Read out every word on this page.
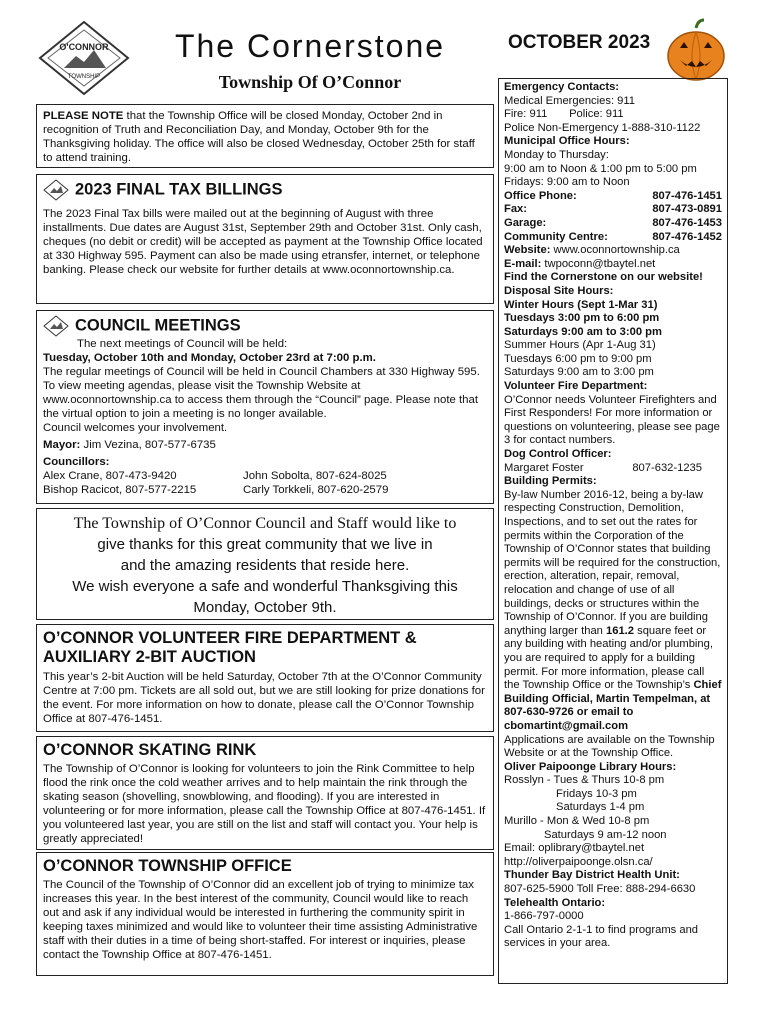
O'CONNOR
TOWNSHIP
The Cornerstone
Township Of O’Connor
OCTOBER 2023

PLEASE NOTE that the Township Office will be closed Monday, October 2nd in recognition of Truth and Reconciliation Day, and Monday, October 9th for the Thanksgiving holiday. The office will also be closed Wednesday, October 25th for staff to attend training.

2023 FINAL TAX BILLINGS

The 2023 Final Tax bills were mailed out at the beginning of August with three installments. Due dates are August 31st, September 29th and October 31st. Only cash, cheques (no debit or credit) will be accepted as payment at the Township Office located at 330 Highway 595. Payment can also be made using etransfer, internet, or telephone banking. Please check our website for further details at www.oconnortownship.ca.

COUNCIL MEETINGS

The next meetings of Council will be held:

Tuesday, October 10th and Monday, October 23rd at 7:00 p.m.

The regular meetings of Council will be held in Council Chambers at 330 Highway 595. To view meeting agendas, please visit the Township Website at www.oconnortownship.ca to access them through the “Council” page. Please note that the virtual option to join a meeting is no longer available.

Council welcomes your involvement.

Mayor: Jim Vezina, 807-577-6735

Councillors:

Alex Crane, 807-473-9420	John Sobolta, 807-624-8025
Bishop Racicot, 807-577-2215	Carly Torkkeli, 807-620-2579
The Township of O’Connor Council and Staff would like to
give thanks for this great community that we live in
and the amazing residents that reside here.
We wish everyone a safe and wonderful Thanksgiving this
Monday, October 9th.
O’CONNOR VOLUNTEER FIRE DEPARTMENT & AUXILIARY 2-BIT AUCTION

This year’s 2-bit Auction will be held Saturday, October 7th at the O’Connor Community Centre at 7:00 pm. Tickets are all sold out, but we are still looking for prize donations for the event. For more information on how to donate, please call the O’Connor Township Office at 807-476-1451.

O’CONNOR SKATING RINK

The Township of O’Connor is looking for volunteers to join the Rink Committee to help flood the rink once the cold weather arrives and to help maintain the rink through the skating season (shovelling, snowblowing, and flooding). If you are interested in volunteering or for more information, please call the Township Office at 807-476-1451. If you volunteered last year, you are still on the list and staff will contact you. Your help is greatly appreciated!

O’CONNOR TOWNSHIP OFFICE

The Council of the Township of O’Connor did an excellent job of trying to minimize tax increases this year. In the best interest of the community, Council would like to reach out and ask if any individual would be interested in furthering the community spirit in keeping taxes minimized and would like to volunteer their time assisting Administrative staff with their duties in a time of being short-staffed. For interest or inquiries, please contact the Township Office at 807-476-1451.

Emergency Contacts:
Medical Emergencies: 911
Fire: 911       Police: 911
Police Non-Emergency 1-888-310-1122
Municipal Office Hours:
Monday to Thursday:
9:00 am to Noon & 1:00 pm to 5:00 pm
Fridays: 9:00 am to Noon
Office Phone:	807-476-1451
Fax:	807-473-0891
Garage:	807-476-1453
Community Centre:	807-476-1452
Website: www.oconnortownship.ca
E-mail: twpoconn@tbaytel.net
Find the Cornerstone on our website!
Disposal Site Hours:
Winter Hours (Sept 1-Mar 31)
Tuesdays 3:00 pm to 6:00 pm
Saturdays 9:00 am to 3:00 pm
Summer Hours (Apr 1-Aug 31)
Tuesdays 6:00 pm to 9:00 pm
Saturdays 9:00 am to 3:00 pm
Volunteer Fire Department:
O’Connor needs Volunteer Firefighters and First Responders! For more information or questions on volunteering, please see page 3 for contact numbers.
Dog Control Officer:
Margaret Foster	807-632-1235
Building Permits:
By-law Number 2016-12, being a by-law respecting Construction, Demolition, Inspections, and to set out the rates for permits within the Corporation of the Township of O’Connor states that building permits will be required for the construction, erection, alteration, repair, removal, relocation and change of use of all buildings, decks or structures within the Township of O’Connor. If you are building anything larger than 161.2 square feet or any building with heating and/or plumbing, you are required to apply for a building permit. For more information, please call the Township Office or the Township’s Chief Building Official, Martin Tempelman, at 807-630-9726 or email to cbomartint@gmail.com
Applications are available on the Township Website or at the Township Office.
Oliver Paipoonge Library Hours:
Rosslyn - Tues & Thurs 10-8 pm
Fridays 10-3 pm
Saturdays 1-4 pm
Murillo - Mon & Wed 10-8 pm
Saturdays 9 am-12 noon
Email: oplibrary@tbaytel.net
http://oliverpaipoonge.olsn.ca/
Thunder Bay District Health Unit:
807-625-5900 Toll Free: 888-294-6630
Telehealth Ontario:
1-866-797-0000
Call Ontario 2-1-1 to find programs and services in your area.
